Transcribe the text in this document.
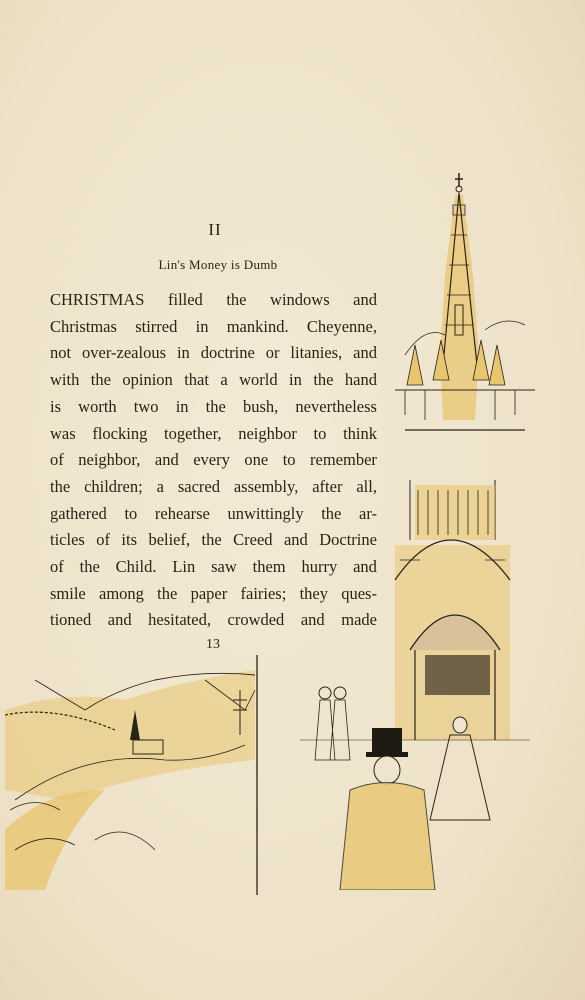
II
Lin's Money is Dumb
CHRISTMAS filled the windows and
Christmas stirred in mankind. Cheyenne,
not over-zealous in doctrine or litanies, and
with the opinion that a world in the hand
is worth two in the bush, nevertheless
was flocking together, neighbor to think
of neighbor, and every one to remember
the children; a sacred assembly, after all,
gathered to rehearse unwittingly the ar-
ticles of its belief, the Creed and Doctrine
of the Child. Lin saw them hurry and
smile among the paper fairies; they ques-
tioned and hesitated, crowded and made
13
